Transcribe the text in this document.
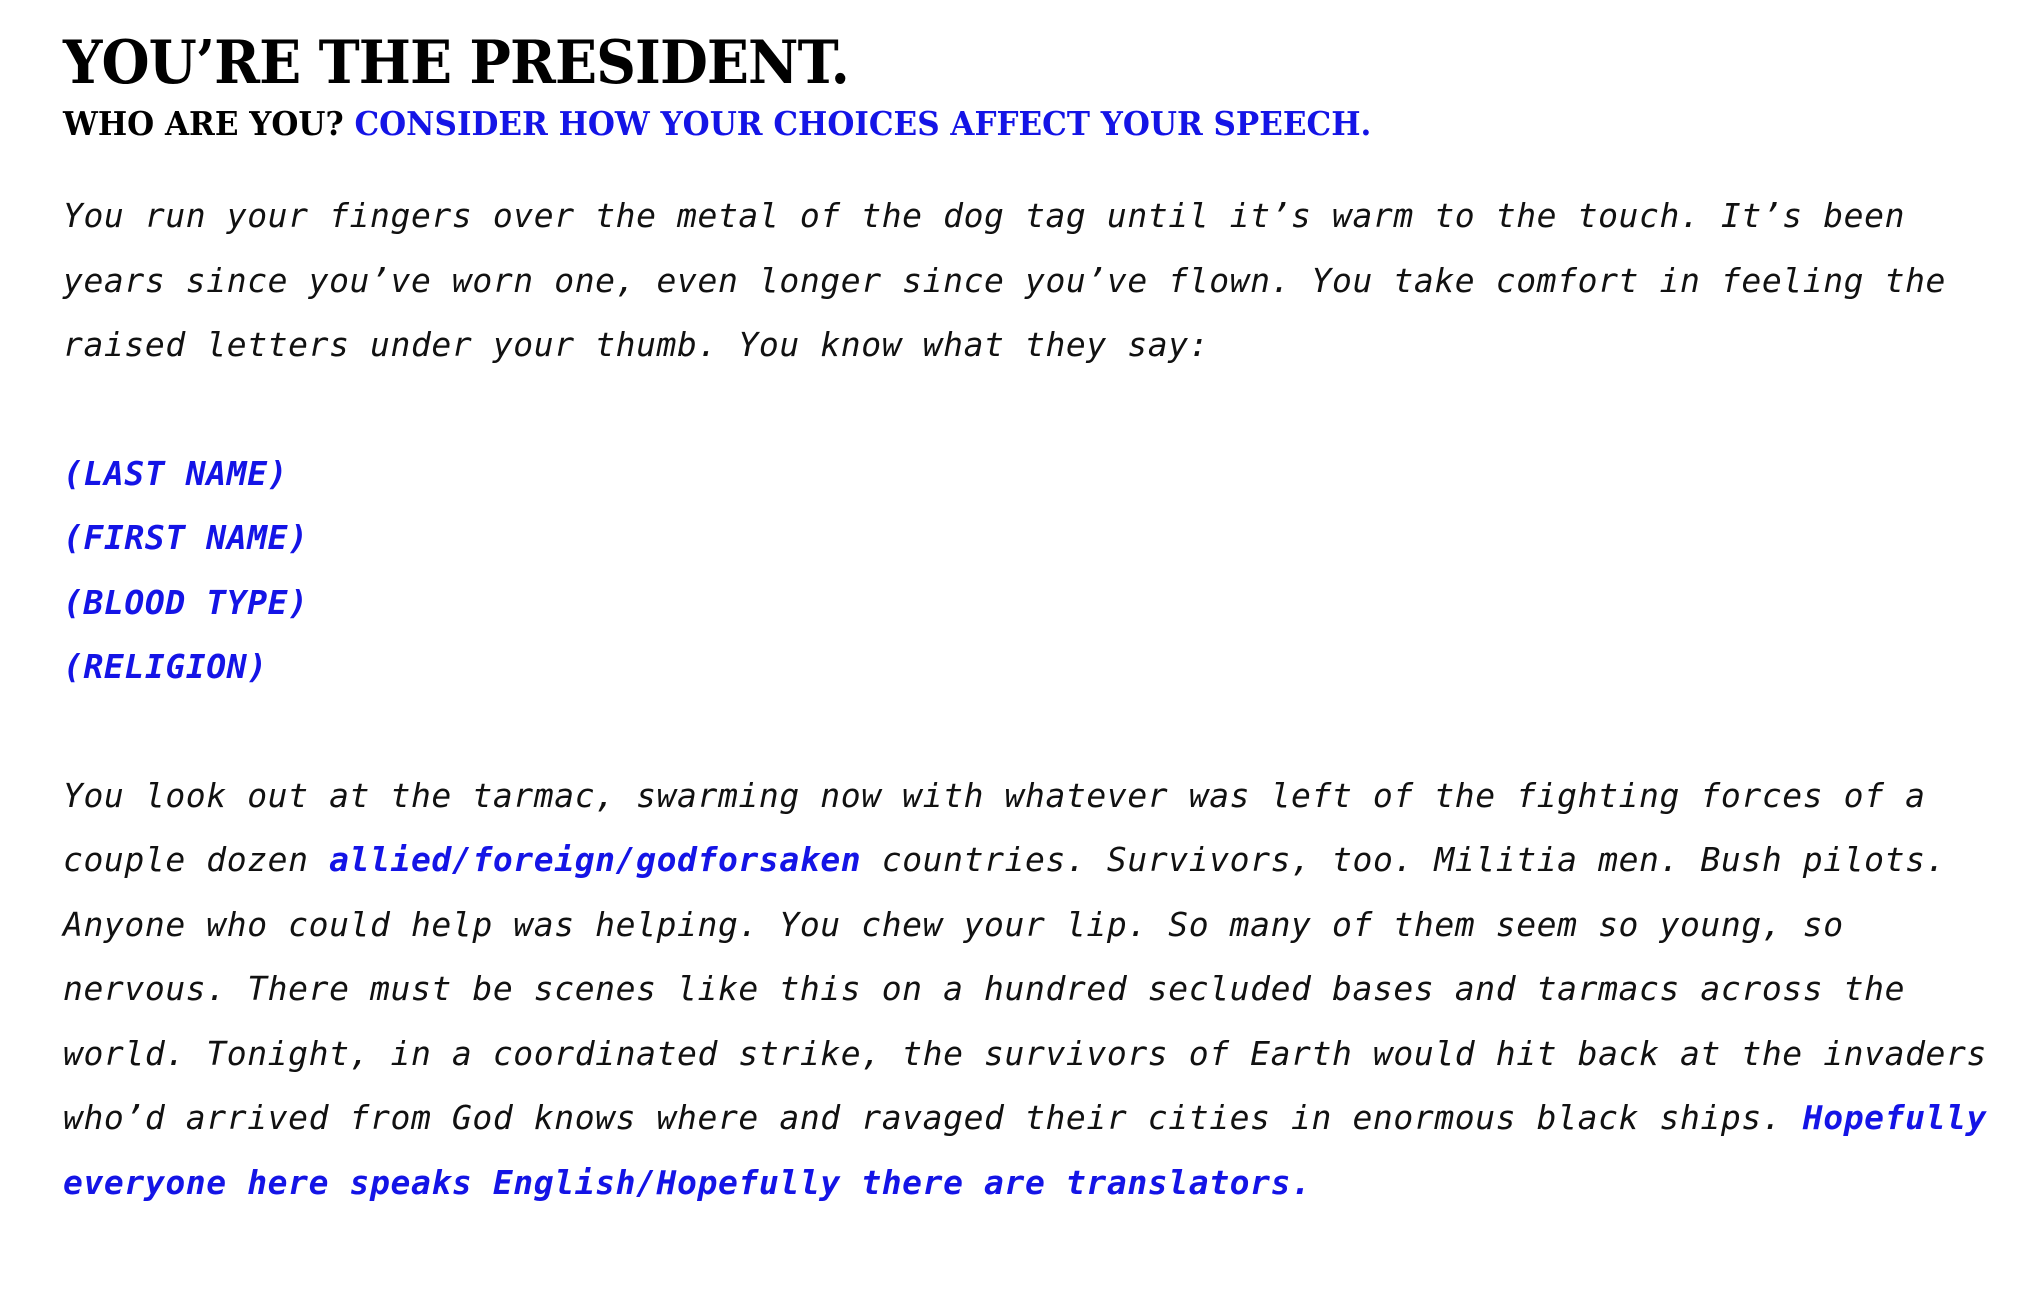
YOU’RE THE PRESIDENT.
WHO ARE YOU? CONSIDER HOW YOUR CHOICES AFFECT YOUR SPEECH.

You run your fingers over the metal of the dog tag until it’s warm to the touch. It’s been years since you’ve worn one, even longer since you’ve flown. You take comfort in feeling the raised letters under your thumb. You know what they say:

(LAST NAME)
(FIRST NAME)
(BLOOD TYPE)
(RELIGION)

You look out at the tarmac, swarming now with whatever was left of the fighting forces of a couple dozen allied/foreign/godforsaken countries. Survivors, too. Militia men. Bush pilots. Anyone who could help was helping. You chew your lip. So many of them seem so young, so nervous. There must be scenes like this on a hundred secluded bases and tarmacs across the world. Tonight, in a coordinated strike, the survivors of Earth would hit back at the invaders who’d arrived from God knows where and ravaged their cities in enormous black ships. Hopefully everyone here speaks English/Hopefully there are translators.
